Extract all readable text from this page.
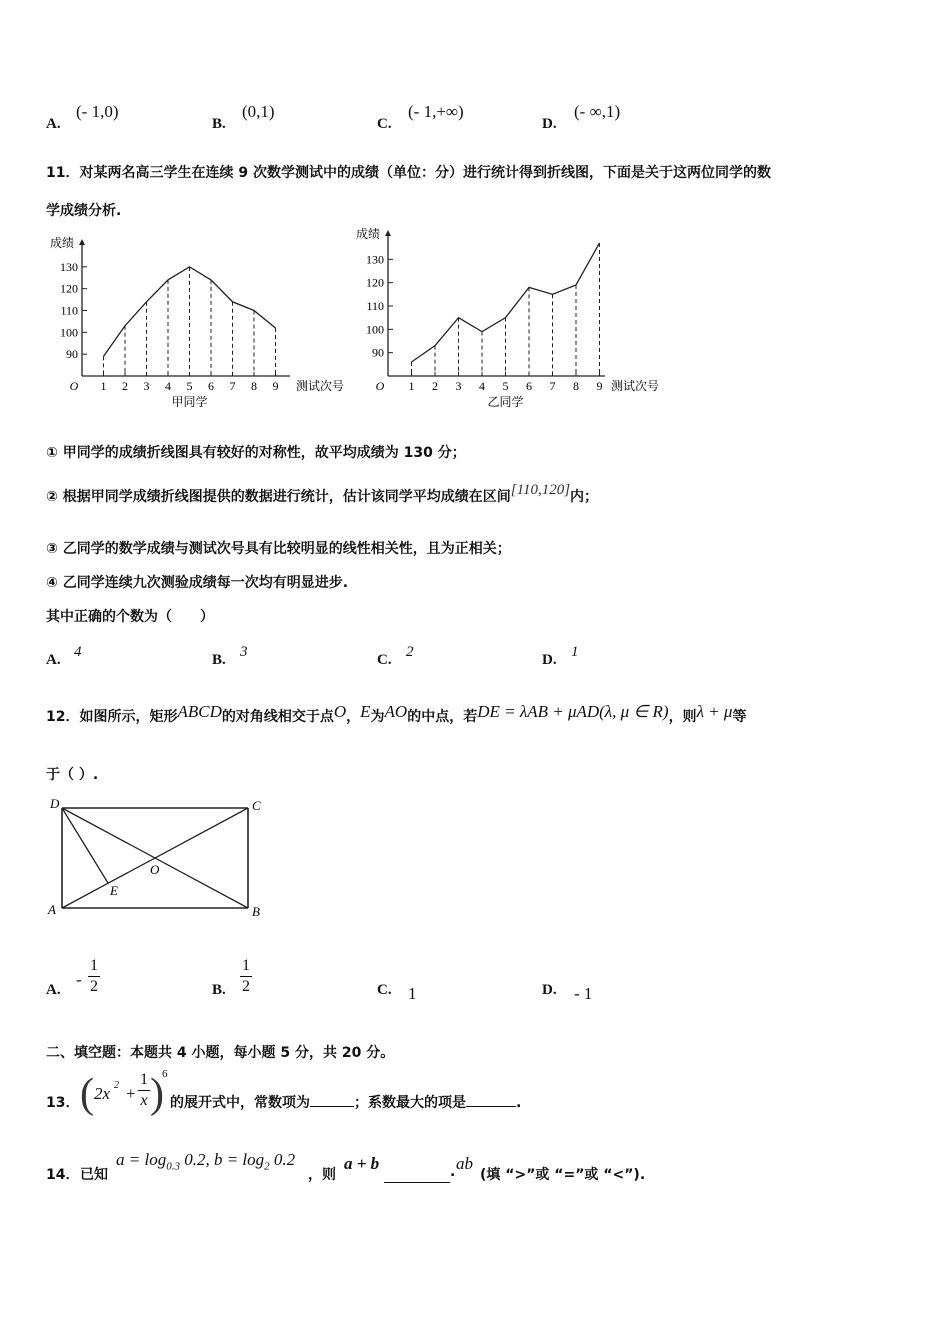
A.
(- 1,0)
B.
(0,1)
C.
(- 1,+∞)
D.
(- ∞,1)
11．对某两名高三学生在连续 9 次数学测试中的成绩（单位：分）进行统计得到折线图，下面是关于这两位同学的数
学成绩分析.
90
100
110
120
130
1 2 3 4 5 6 7 8 9
O
成绩
测试次号
甲同学
90
100
110
120
130
1 2 3 4 5 6 7 8 9
O
成绩
测试次号
乙同学
① 甲同学的成绩折线图具有较好的对称性，故平均成绩为 130 分；
② 根据甲同学成绩折线图提供的数据进行统计，估计该同学平均成绩在区间[110,120]内；
③ 乙同学的数学成绩与测试次号具有比较明显的线性相关性，且为正相关；
④ 乙同学连续九次测验成绩每一次均有明显进步.
其中正确的个数为（　　）
A. 4	B. 3	C. 2	D. 1
12．如图所示，矩形ABCD的对角线相交于点O，E为AO的中点，若DE = λAB + μAD(λ, μ ∈ R)，则λ + μ等
于（ ）.
D	C
A	B
O
E
A.
- $\frac{1}{2}$	B. $\frac{1}{2}$	C. 1	D. - 1
二、填空题：本题共 4 小题，每小题 5 分，共 20 分。
13． ( 2x $2 + \frac{1}{x}$ )
6
的展开式中，常数项为	；系数最大的项是	.
14． 已知
$a = \log_{0.3} 0.2$, $b = \log_2 0.2$
，则
a + b	. ab
(填 “>”或 “=”或 “<”).
